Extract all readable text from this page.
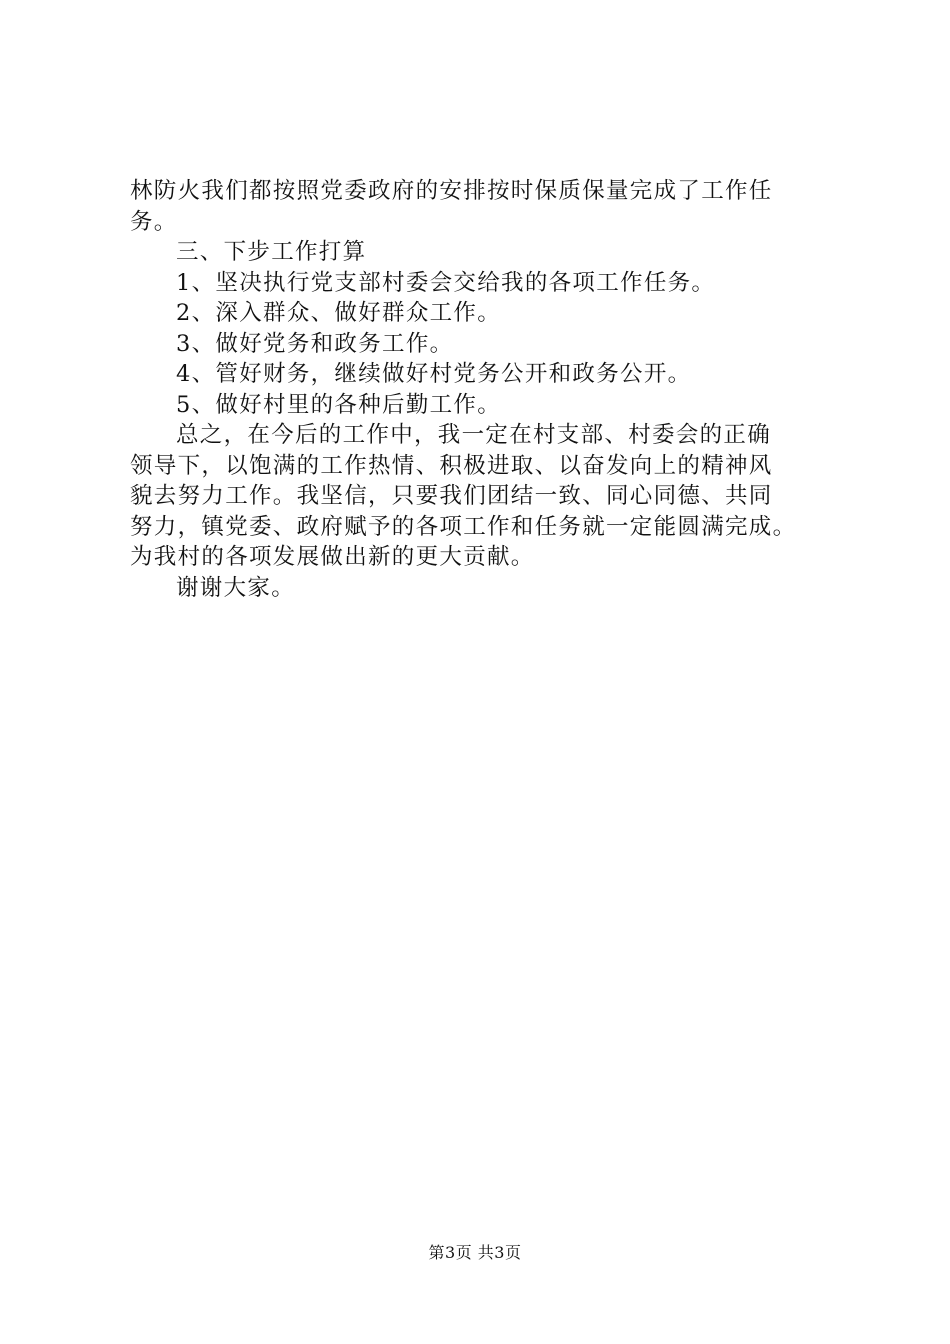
林防火我们都按照党委政府的安排按时保质保量完成了工作任
务。
三、下步工作打算
1、坚决执行党支部村委会交给我的各项工作任务。
2、深入群众、做好群众工作。
3、做好党务和政务工作。
4、管好财务，继续做好村党务公开和政务公开。
5、做好村里的各种后勤工作。
总之，在今后的工作中，我一定在村支部、村委会的正确
领导下，以饱满的工作热情、积极进取、以奋发向上的精神风
貌去努力工作。我坚信，只要我们团结一致、同心同德、共同
努力，镇党委、政府赋予的各项工作和任务就一定能圆满完成。
为我村的各项发展做出新的更大贡献。
谢谢大家。
第3页 共3页
